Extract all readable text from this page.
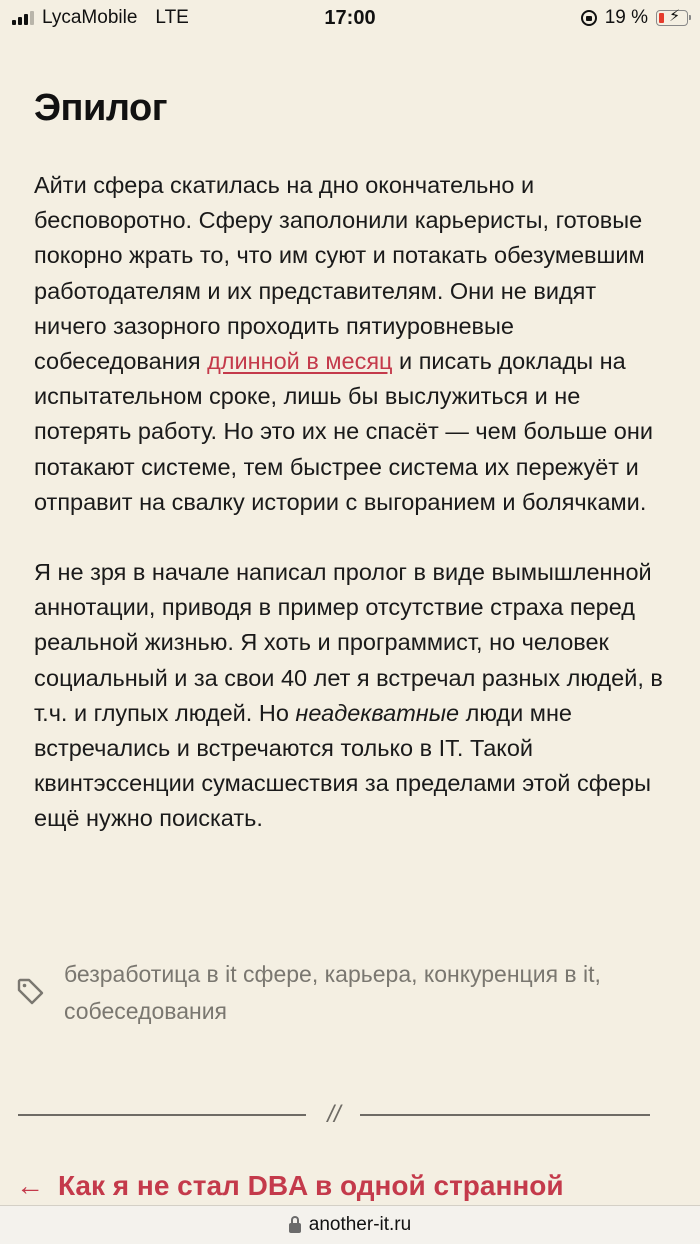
LycaMobile LTE	17:00	19 % ⚡︎
Эпилог

Айти сфера скатилась на дно окончательно и бесповоротно. Сферу заполонили карьеристы, готовые покорно жрать то, что им суют и потакать обезумевшим работодателям и их представителям. Они не видят ничего зазорного проходить пятиуровневые собеседования длинной в месяц и писать доклады на испытательном сроке, лишь бы выслужиться и не потерять работу. Но это их не спасёт — чем больше они потакают системе, тем быстрее система их пережуёт и отправит на свалку истории с выгоранием и болячками.

Я не зря в начале написал пролог в виде вымышленной аннотации, приводя в пример отсутствие страха перед реальной жизнью. Я хоть и программист, но человек социальный и за свои 40 лет я встречал разных людей, в т.ч. и глупых людей. Но неадекватные люди мне встречались и встречаются только в IT. Такой квинтэссенции сумасшествия за пределами этой сферы ещё нужно поискать.

безработица в it сфере, карьера, конкуренция в it, собеседования
//
← Как я не стал DBA в одной странной
another-it.ru
